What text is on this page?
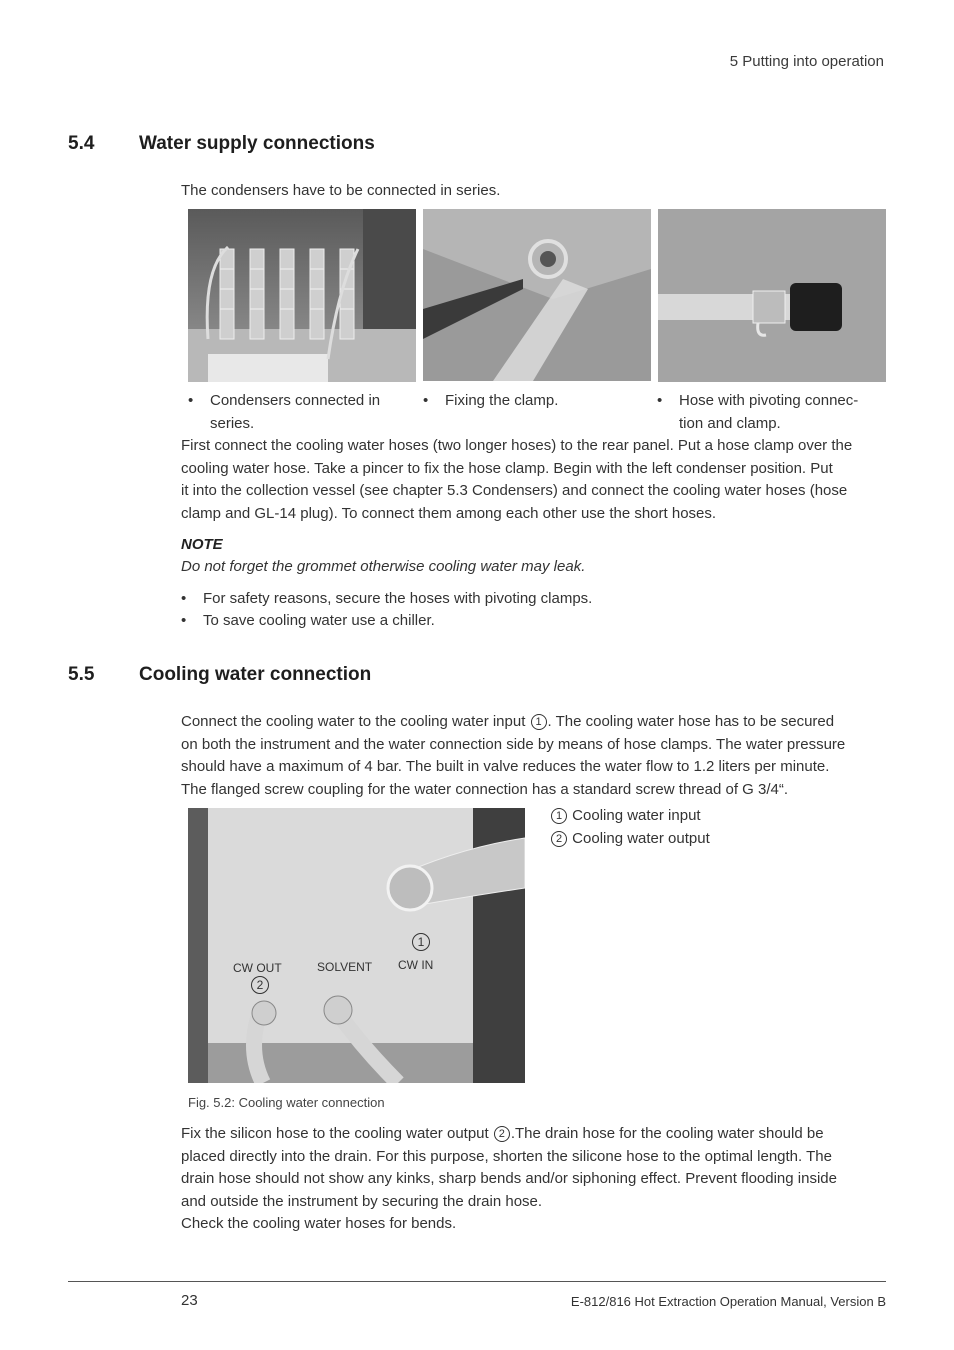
5 Putting into operation
5.4 Water supply connections
The condensers have to be connected in series.
• Condensers connected in
series.
• Fixing the clamp.	• Hose with pivoting connec-
tion and clamp.
First connect the cooling water hoses (two longer hoses) to the rear panel. Put a hose clamp over the
cooling water hose. Take a pincer to fix the hose clamp. Begin with the left condenser position. Put
it into the collection vessel (see chapter 5.3 Condensers) and connect the cooling water hoses (hose
clamp and GL-14 plug). To connect them among each other use the short hoses.
NOTE
Do not forget the grommet otherwise cooling water may leak.
• For safety reasons, secure the hoses with pivoting clamps.
• To save cooling water use a chiller.
5.5 Cooling water connection
Connect the cooling water to the cooling water input 1 . The cooling water hose has to be secured
on both the instrument and the water connection side by means of hose clamps. The water pressure
should have a maximum of 4 bar. The built in valve reduces the water flow to 1.2 liters per minute.
The flanged screw coupling for the water connection has a standard screw thread of G 3/4“.
CW OUT	SOLVENT CW IN
1
2
1 Cooling water input
2 Cooling water output
Fig. 5.2: Cooling water connection
Fix the silicon hose to the cooling water output 2 .The drain hose for the cooling water should be
placed directly into the drain. For this purpose, shorten the silicone hose to the optimal length. The
drain hose should not show any kinks, sharp bends and/or siphoning effect. Prevent flooding inside
and outside the instrument by securing the drain hose.
Check the cooling water hoses for bends.
23	E-812/816 Hot Extraction Operation Manual, Version B
